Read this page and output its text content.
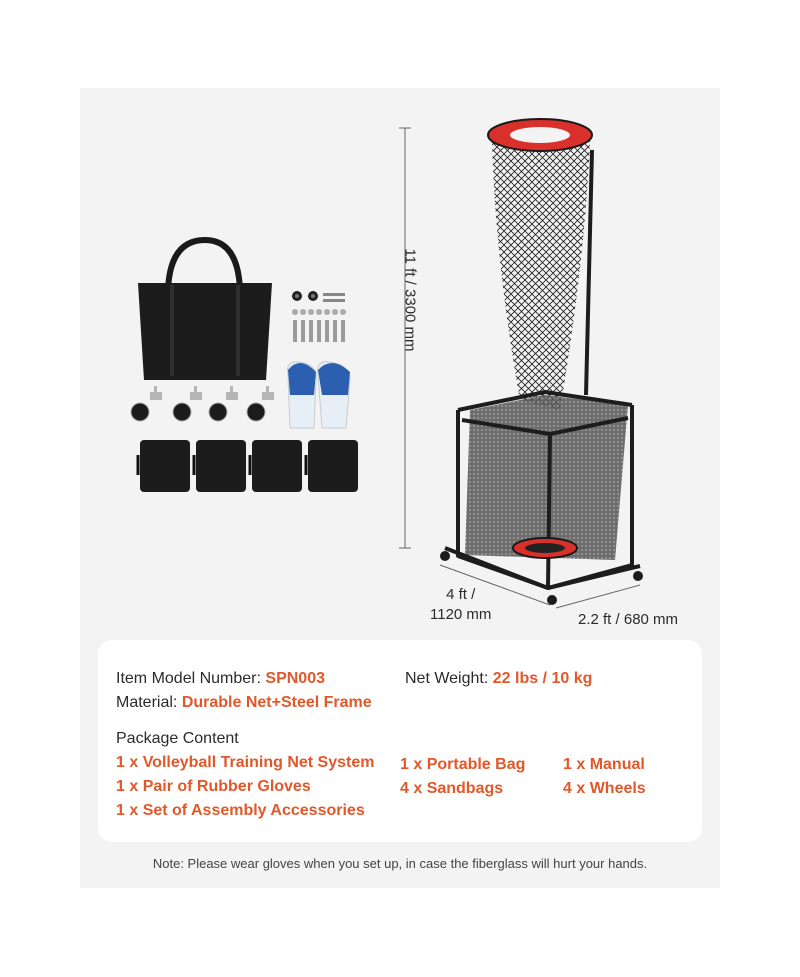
11 ft / 3300 mm
4 ft /
1120 mm	2.2 ft / 680 mm
Item Model Number: SPN003	Net Weight: 22 lbs / 10 kg
Material: Durable Net+Steel Frame
Package Content
1 x Volleyball Training Net System
1 x Pair of Rubber Gloves
1 x Set of Assembly Accessories
1 x Portable Bag
4 x Sandbags
1 x Manual
4 x Wheels
Note: Please wear gloves when you set up, in case the fiberglass will hurt your hands.
